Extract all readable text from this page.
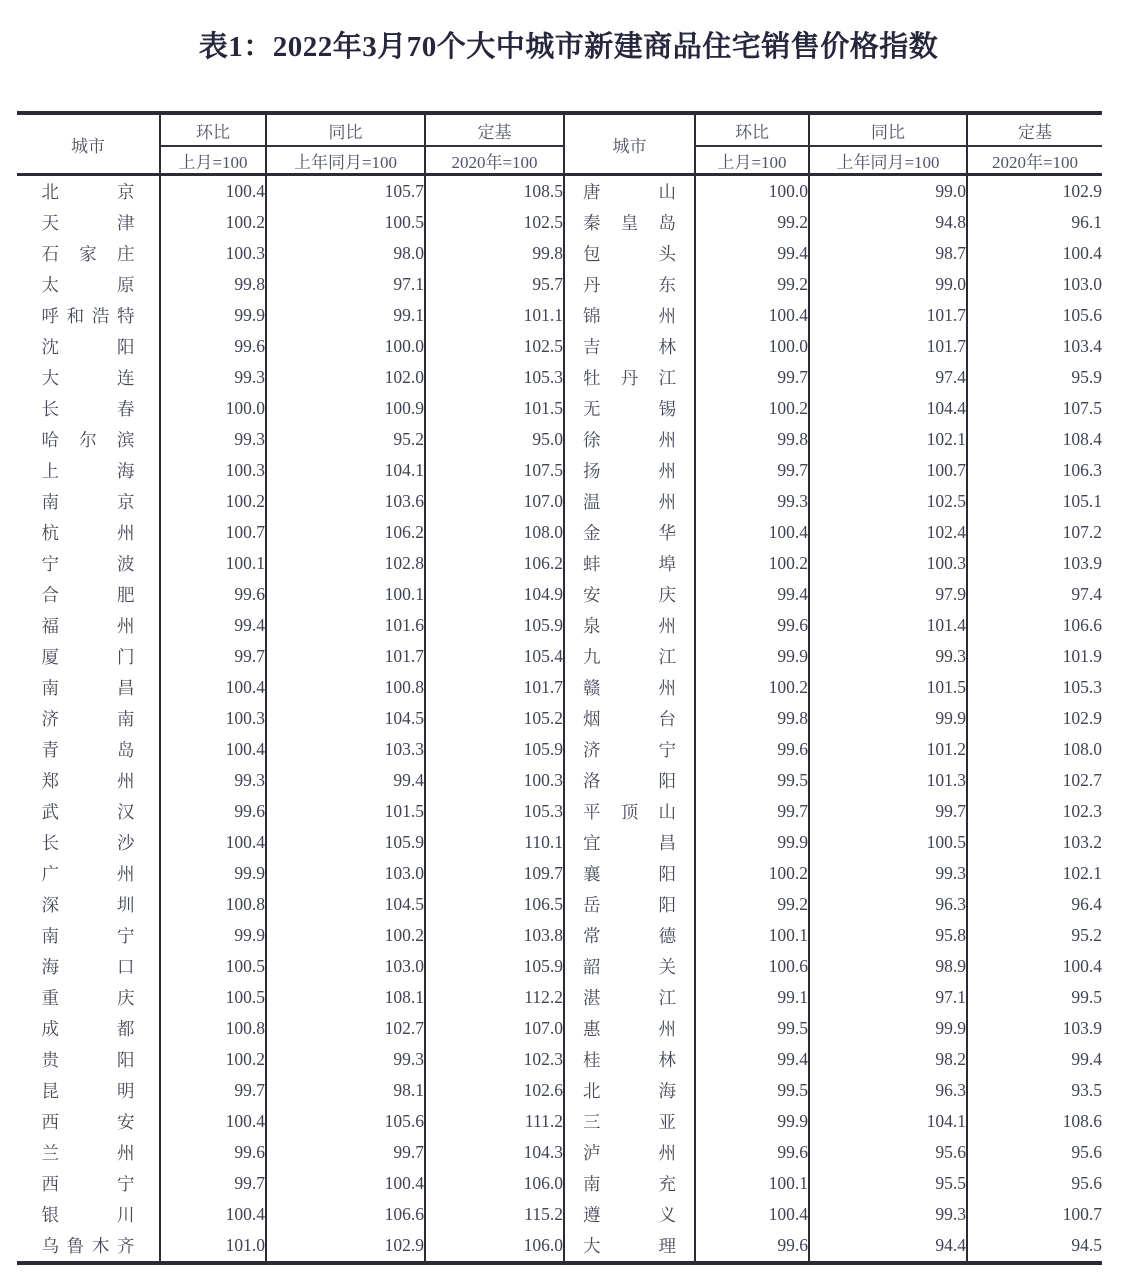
表1：2022年3月70个大中城市新建商品住宅销售价格指数
城市	环比	同比	定基	城市	环比	同比	定基
	上月=100	上年同月=100	2020年=100		上月=100	上年同月=100	2020年=100

北 京	100.4	105.7	108.5	唐 山	100.0	99.0	102.9

天 津	100.2	100.5	102.5	秦 皇 岛	99.2	94.8	96.1

石 家 庄	100.3	98.0	99.8	包 头	99.4	98.7	100.4

太 原	99.8	97.1	95.7	丹 东	99.2	99.0	103.0

呼 和 浩 特	99.9	99.1	101.1	锦 州	100.4	101.7	105.6

沈 阳	99.6	100.0	102.5	吉 林	100.0	101.7	103.4

大 连	99.3	102.0	105.3	牡 丹 江	99.7	97.4	95.9

长 春	100.0	100.9	101.5	无 锡	100.2	104.4	107.5

哈 尔 滨	99.3	95.2	95.0	徐 州	99.8	102.1	108.4

上 海	100.3	104.1	107.5	扬 州	99.7	100.7	106.3

南 京	100.2	103.6	107.0	温 州	99.3	102.5	105.1

杭 州	100.7	106.2	108.0	金 华	100.4	102.4	107.2

宁 波	100.1	102.8	106.2	蚌 埠	100.2	100.3	103.9

合 肥	99.6	100.1	104.9	安 庆	99.4	97.9	97.4

福 州	99.4	101.6	105.9	泉 州	99.6	101.4	106.6

厦 门	99.7	101.7	105.4	九 江	99.9	99.3	101.9

南 昌	100.4	100.8	101.7	赣 州	100.2	101.5	105.3

济 南	100.3	104.5	105.2	烟 台	99.8	99.9	102.9

青 岛	100.4	103.3	105.9	济 宁	99.6	101.2	108.0

郑 州	99.3	99.4	100.3	洛 阳	99.5	101.3	102.7

武 汉	99.6	101.5	105.3	平 顶 山	99.7	99.7	102.3

长 沙	100.4	105.9	110.1	宜 昌	99.9	100.5	103.2

广 州	99.9	103.0	109.7	襄 阳	100.2	99.3	102.1

深 圳	100.8	104.5	106.5	岳 阳	99.2	96.3	96.4

南 宁	99.9	100.2	103.8	常 德	100.1	95.8	95.2

海 口	100.5	103.0	105.9	韶 关	100.6	98.9	100.4

重 庆	100.5	108.1	112.2	湛 江	99.1	97.1	99.5

成 都	100.8	102.7	107.0	惠 州	99.5	99.9	103.9

贵 阳	100.2	99.3	102.3	桂 林	99.4	98.2	99.4

昆 明	99.7	98.1	102.6	北 海	99.5	96.3	93.5

西 安	100.4	105.6	111.2	三 亚	99.9	104.1	108.6

兰 州	99.6	99.7	104.3	泸 州	99.6	95.6	95.6

西 宁	99.7	100.4	106.0	南 充	100.1	95.5	95.6

银 川	100.4	106.6	115.2	遵 义	100.4	99.3	100.7

乌 鲁 木 齐	101.0	102.9	106.0	大 理	99.6	94.4	94.5
